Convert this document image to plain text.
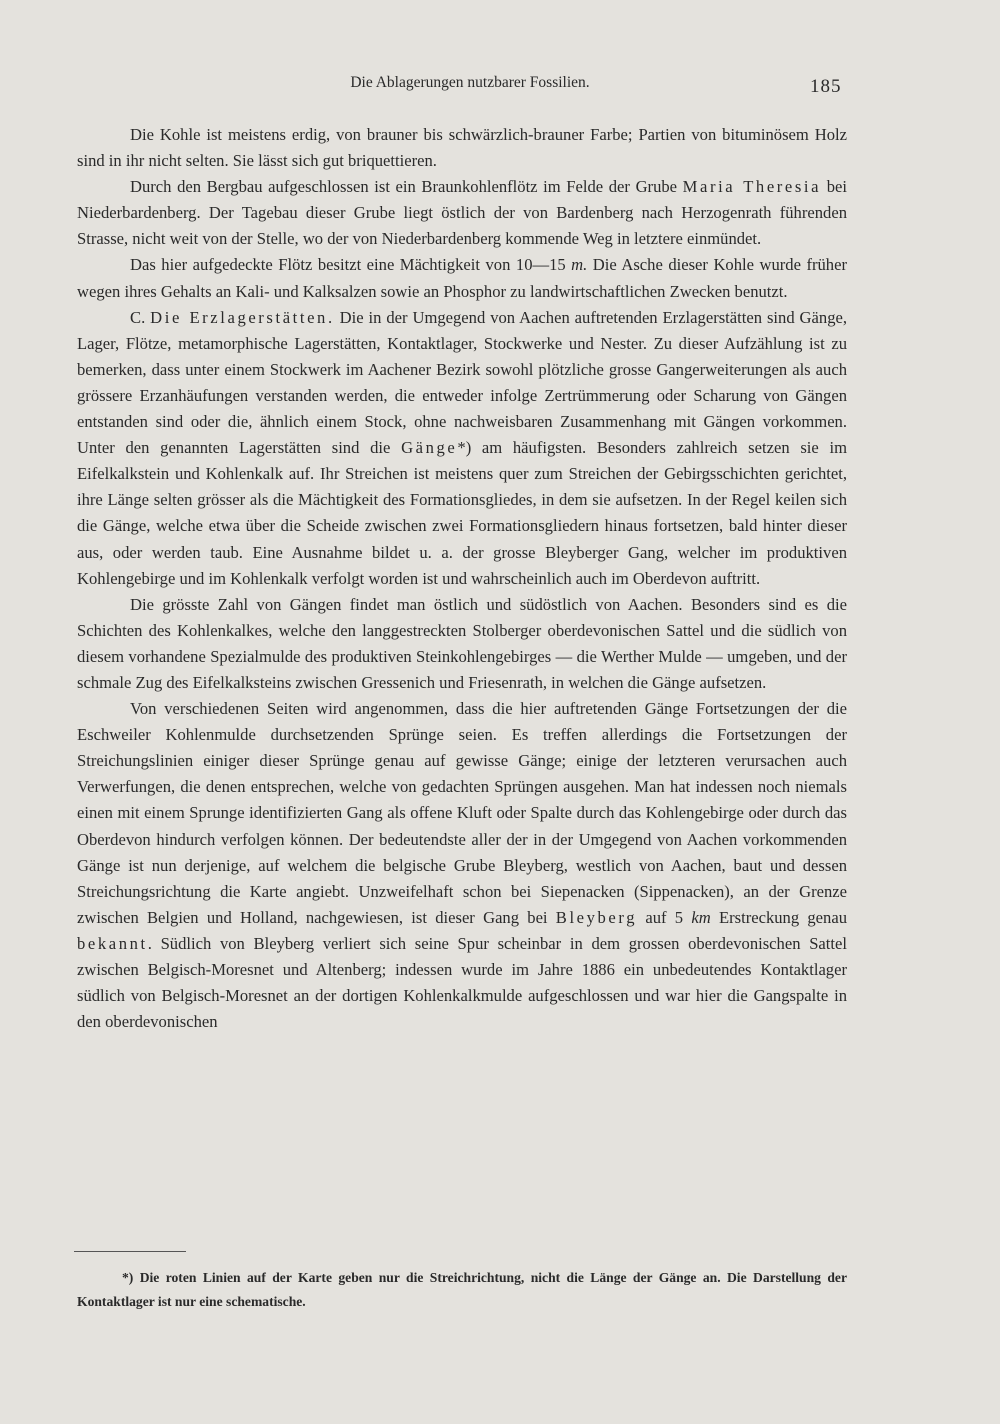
Die Ablagerungen nutzbarer Fossilien.	185

Die Kohle ist meistens erdig, von brauner bis schwärzlich-brauner Farbe; Partien von bituminösem Holz sind in ihr nicht selten. Sie lässt sich gut briquettieren.

Durch den Bergbau aufgeschlossen ist ein Braunkohlenflötz im Felde der Grube Maria Theresia bei Niederbardenberg. Der Tagebau dieser Grube liegt östlich der von Bardenberg nach Herzogenrath führenden Strasse, nicht weit von der Stelle, wo der von Niederbardenberg kommende Weg in letztere einmündet.

Das hier aufgedeckte Flötz besitzt eine Mächtigkeit von 10—15 m. Die Asche dieser Kohle wurde früher wegen ihres Gehalts an Kali- und Kalksalzen sowie an Phosphor zu landwirtschaftlichen Zwecken benutzt.

C. Die Erzlagerstätten. Die in der Umgegend von Aachen auftretenden Erzlagerstätten sind Gänge, Lager, Flötze, metamorphische Lagerstätten, Kontaktlager, Stockwerke und Nester. Zu dieser Aufzählung ist zu bemerken, dass unter einem Stockwerk im Aachener Bezirk sowohl plötzliche grosse Gangerweiterungen als auch grössere Erzanhäufungen verstanden werden, die entweder infolge Zertrümmerung oder Scharung von Gängen entstanden sind oder die, ähnlich einem Stock, ohne nachweisbaren Zusammenhang mit Gängen vorkommen. Unter den genannten Lagerstätten sind die Gänge*) am häufigsten. Besonders zahlreich setzen sie im Eifelkalkstein und Kohlenkalk auf. Ihr Streichen ist meistens quer zum Streichen der Gebirgsschichten gerichtet, ihre Länge selten grösser als die Mächtigkeit des Formationsgliedes, in dem sie aufsetzen. In der Regel keilen sich die Gänge, welche etwa über die Scheide zwischen zwei Formationsgliedern hinaus fortsetzen, bald hinter dieser aus, oder werden taub. Eine Ausnahme bildet u. a. der grosse Bleyberger Gang, welcher im produktiven Kohlengebirge und im Kohlenkalk verfolgt worden ist und wahrscheinlich auch im Oberdevon auftritt.

Die grösste Zahl von Gängen findet man östlich und südöstlich von Aachen. Besonders sind es die Schichten des Kohlenkalkes, welche den langgestreckten Stolberger oberdevonischen Sattel und die südlich von diesem vorhandene Spezialmulde des produktiven Steinkohlengebirges — die Werther Mulde — umgeben, und der schmale Zug des Eifelkalksteins zwischen Gressenich und Friesenrath, in welchen die Gänge aufsetzen.

Von verschiedenen Seiten wird angenommen, dass die hier auftretenden Gänge Fortsetzungen der die Eschweiler Kohlenmulde durchsetzenden Sprünge seien. Es treffen allerdings die Fortsetzungen der Streichungslinien einiger dieser Sprünge genau auf gewisse Gänge; einige der letzteren verursachen auch Verwerfungen, die denen entsprechen, welche von gedachten Sprüngen ausgehen. Man hat indessen noch niemals einen mit einem Sprunge identifizierten Gang als offene Kluft oder Spalte durch das Kohlengebirge oder durch das Oberdevon hindurch verfolgen können. Der bedeutendste aller der in der Umgegend von Aachen vorkommenden Gänge ist nun derjenige, auf welchem die belgische Grube Bleyberg, westlich von Aachen, baut und dessen Streichungsrichtung die Karte angiebt. Unzweifelhaft schon bei Siepenacken (Sippenacken), an der Grenze zwischen Belgien und Holland, nachgewiesen, ist dieser Gang bei Bleyberg auf 5 km Erstreckung genau bekannt. Südlich von Bleyberg verliert sich seine Spur scheinbar in dem grossen oberdevonischen Sattel zwischen Belgisch-Moresnet und Altenberg; indessen wurde im Jahre 1886 ein unbedeutendes Kontaktlager südlich von Belgisch-Moresnet an der dortigen Kohlenkalkmulde aufgeschlossen und war hier die Gangspalte in den oberdevonischen

*) Die roten Linien auf der Karte geben nur die Streichrichtung, nicht die Länge der Gänge an. Die Darstellung der Kontaktlager ist nur eine schematische.
